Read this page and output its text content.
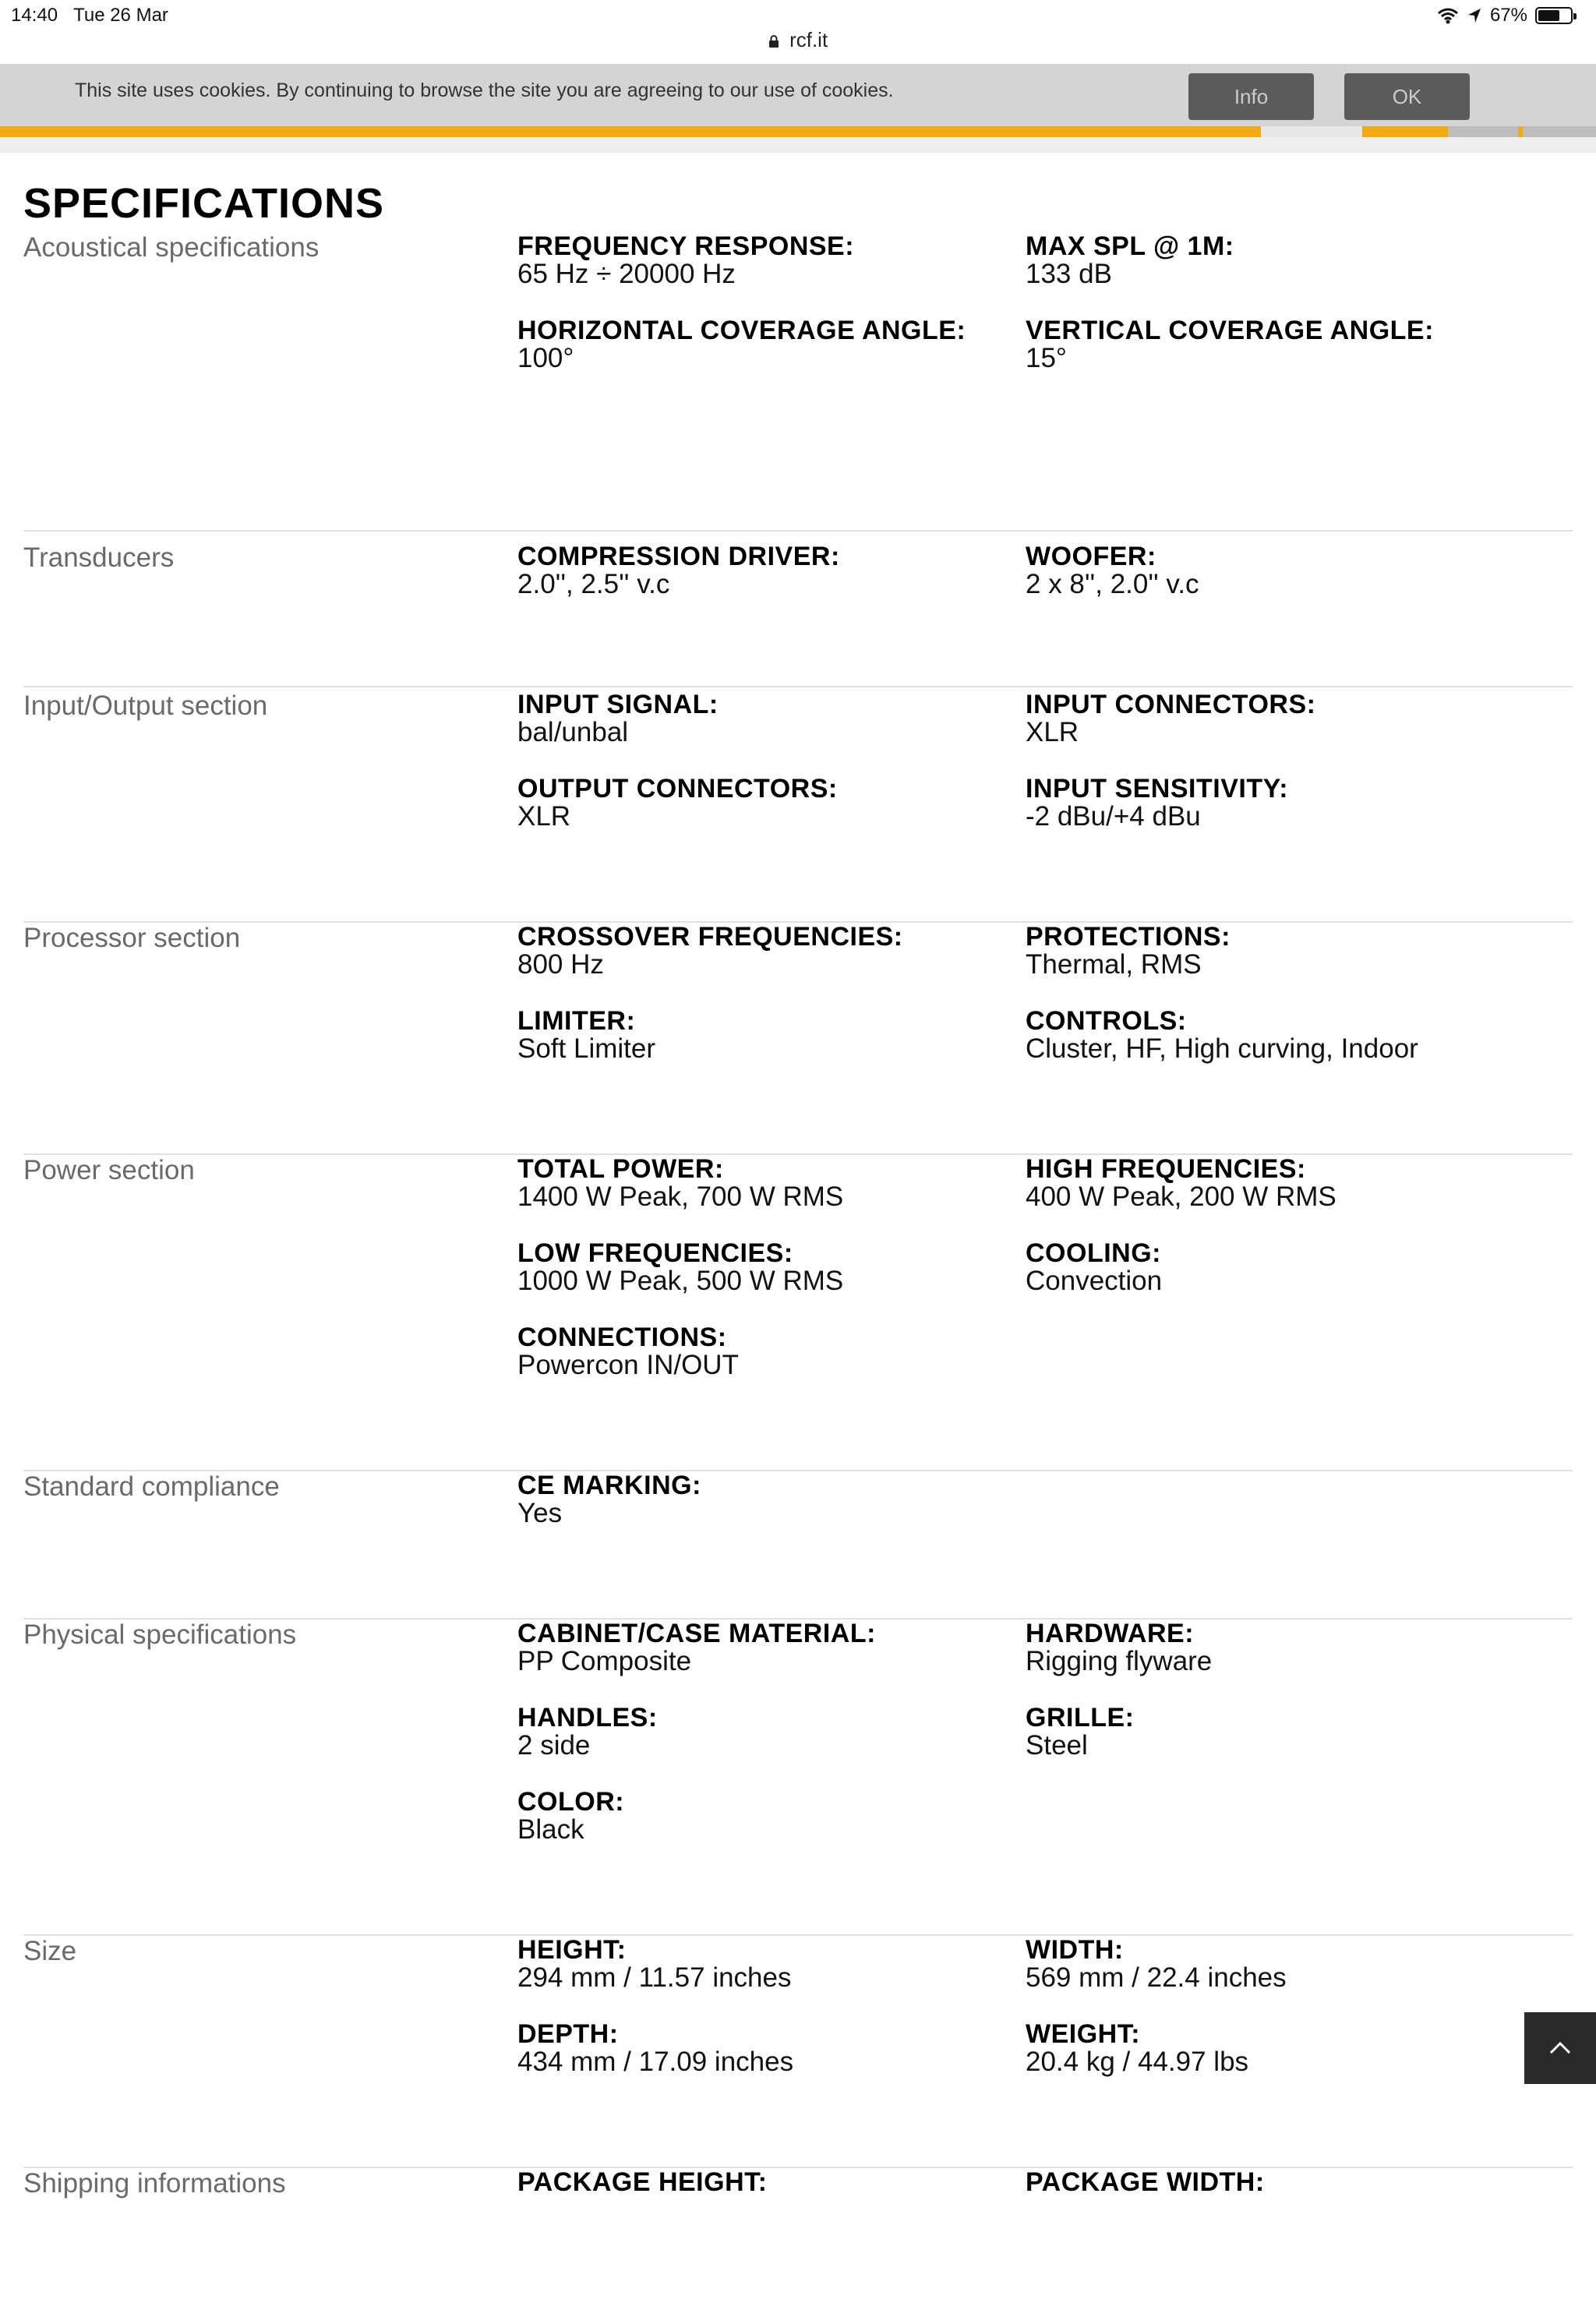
14:40 Tue 26 Mar	67%
rcf.it
This site uses cookies. By continuing to browse the site you are agreeing to our use of cookies.	Info	OK
SPECIFICATIONS
Acoustical specifications	FREQUENCY RESPONSE:
65 Hz ÷ 20000 Hz
MAX SPL @ 1M:
133 dB
HORIZONTAL COVERAGE ANGLE:
100°
VERTICAL COVERAGE ANGLE:
15°
Transducers	COMPRESSION DRIVER:
2.0'', 2.5'' v.c
WOOFER:
2 x 8'', 2.0'' v.c
Input/Output section	INPUT SIGNAL:
bal/unbal
INPUT CONNECTORS:
XLR
OUTPUT CONNECTORS:
XLR
INPUT SENSITIVITY:
-2 dBu/+4 dBu
Processor section	CROSSOVER FREQUENCIES:
800 Hz
PROTECTIONS:
Thermal, RMS
LIMITER:
Soft Limiter
CONTROLS:
Cluster, HF, High curving, Indoor
Power section	TOTAL POWER:
1400 W Peak, 700 W RMS
HIGH FREQUENCIES:
400 W Peak, 200 W RMS
LOW FREQUENCIES:
1000 W Peak, 500 W RMS
COOLING:
Convection
CONNECTIONS:
Powercon IN/OUT
Standard compliance	CE MARKING:
Yes
Physical specifications	CABINET/CASE MATERIAL:
PP Composite
HARDWARE:
Rigging flyware
HANDLES:
2 side
GRILLE:
Steel
COLOR:
Black
Size	HEIGHT:
294 mm / 11.57 inches
WIDTH:
569 mm / 22.4 inches
DEPTH:
434 mm / 17.09 inches
WEIGHT:
20.4 kg / 44.97 lbs
Shipping informations	PACKAGE HEIGHT:	PACKAGE WIDTH:
